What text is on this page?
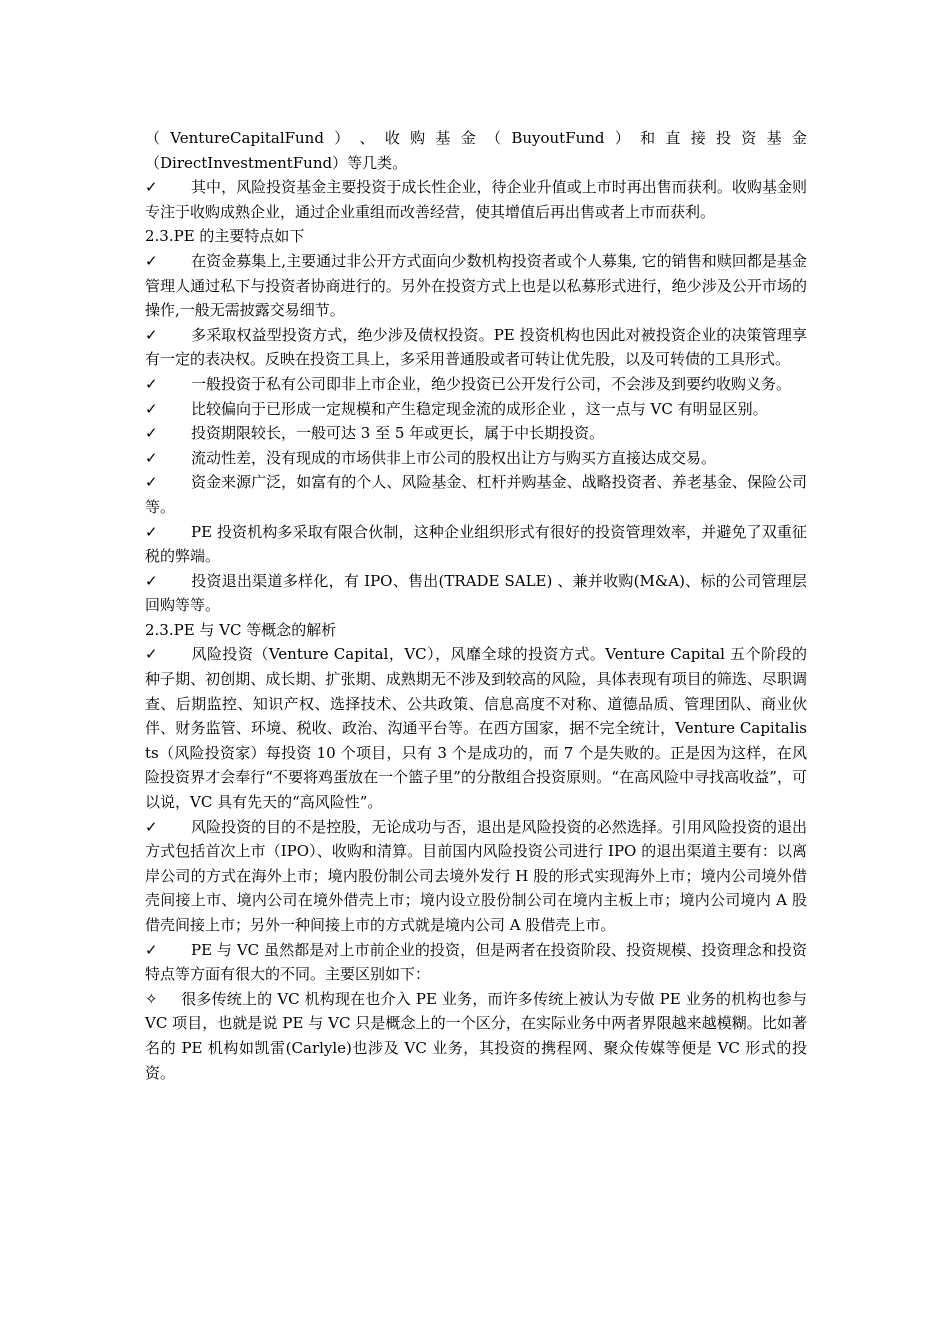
（ VentureCapitalFund ） 、 收 购 基 金 （ BuyoutFund ） 和 直 接 投 资 基 金

（DirectInvestmentFund）等几类。

✓ 其中，风险投资基金主要投资于成长性企业，待企业升值或上市时再出售而获利。收购基金则专注于收购成熟企业，通过企业重组而改善经营，使其增值后再出售或者上市而获利。

2.3.PE 的主要特点如下

✓ 在资金募集上,主要通过非公开方式面向少数机构投资者或个人募集, 它的销售和赎回都是基金管理人通过私下与投资者协商进行的。另外在投资方式上也是以私募形式进行，绝少涉及公开市场的操作,一般无需披露交易细节。

✓ 多采取权益型投资方式，绝少涉及债权投资。PE 投资机构也因此对被投资企业的决策管理享有一定的表决权。反映在投资工具上，多采用普通股或者可转让优先股，以及可转债的工具形式。

✓ 一般投资于私有公司即非上市企业，绝少投资已公开发行公司，不会涉及到要约收购义务。

✓ 比较偏向于已形成一定规模和产生稳定现金流的成形企业 ，这一点与 VC 有明显区别。

✓ 投资期限较长，一般可达 3 至 5 年或更长，属于中长期投资。

✓ 流动性差，没有现成的市场供非上市公司的股权出让方与购买方直接达成交易。

✓ 资金来源广泛，如富有的个人、风险基金、杠杆并购基金、战略投资者、养老基金、保险公司等。

✓ PE 投资机构多采取有限合伙制，这种企业组织形式有很好的投资管理效率，并避免了双重征税的弊端。

✓ 投资退出渠道多样化，有 IPO、售出(TRADE SALE) 、兼并收购(M&A)、标的公司管理层回购等等。

2.3.PE 与 VC 等概念的解析

✓ 风险投资（Venture Capital，VC），风靡全球的投资方式。Venture Capital 五个阶段的种子期、初创期、成长期、扩张期、成熟期无不涉及到较高的风险，具体表现有项目的筛选、尽职调查、后期监控、知识产权、选择技术、公共政策、信息高度不对称、道德品质、管理团队、商业伙伴、财务监管、环境、税收、政治、沟通平台等。在西方国家，据不完全统计，Venture Capitalists（风险投资家）每投资 10 个项目，只有 3 个是成功的，而 7 个是失败的。正是因为这样，在风险投资界才会奉行“不要将鸡蛋放在一个篮子里”的分散组合投资原则。“在高风险中寻找高收益”，可以说，VC 具有先天的“高风险性”。

✓ 风险投资的目的不是控股，无论成功与否，退出是风险投资的必然选择。引用风险投资的退出方式包括首次上市（IPO）、收购和清算。目前国内风险投资公司进行 IPO 的退出渠道主要有：以离岸公司的方式在海外上市；境内股份制公司去境外发行 H 股的形式实现海外上市；境内公司境外借壳间接上市、境内公司在境外借壳上市；境内设立股份制公司在境内主板上市；境内公司境内 A 股借壳间接上市；另外一种间接上市的方式就是境内公司 A 股借壳上市。

✓ PE 与 VC 虽然都是对上市前企业的投资，但是两者在投资阶段、投资规模、投资理念和投资特点等方面有很大的不同。主要区别如下：

✧ 很多传统上的 VC 机构现在也介入 PE 业务，而许多传统上被认为专做 PE 业务的机构也参与 VC 项目，也就是说 PE 与 VC 只是概念上的一个区分，在实际业务中两者界限越来越模糊。比如著名的 PE 机构如凯雷(Carlyle)也涉及 VC 业务，其投资的携程网、聚众传媒等便是 VC 形式的投资。
